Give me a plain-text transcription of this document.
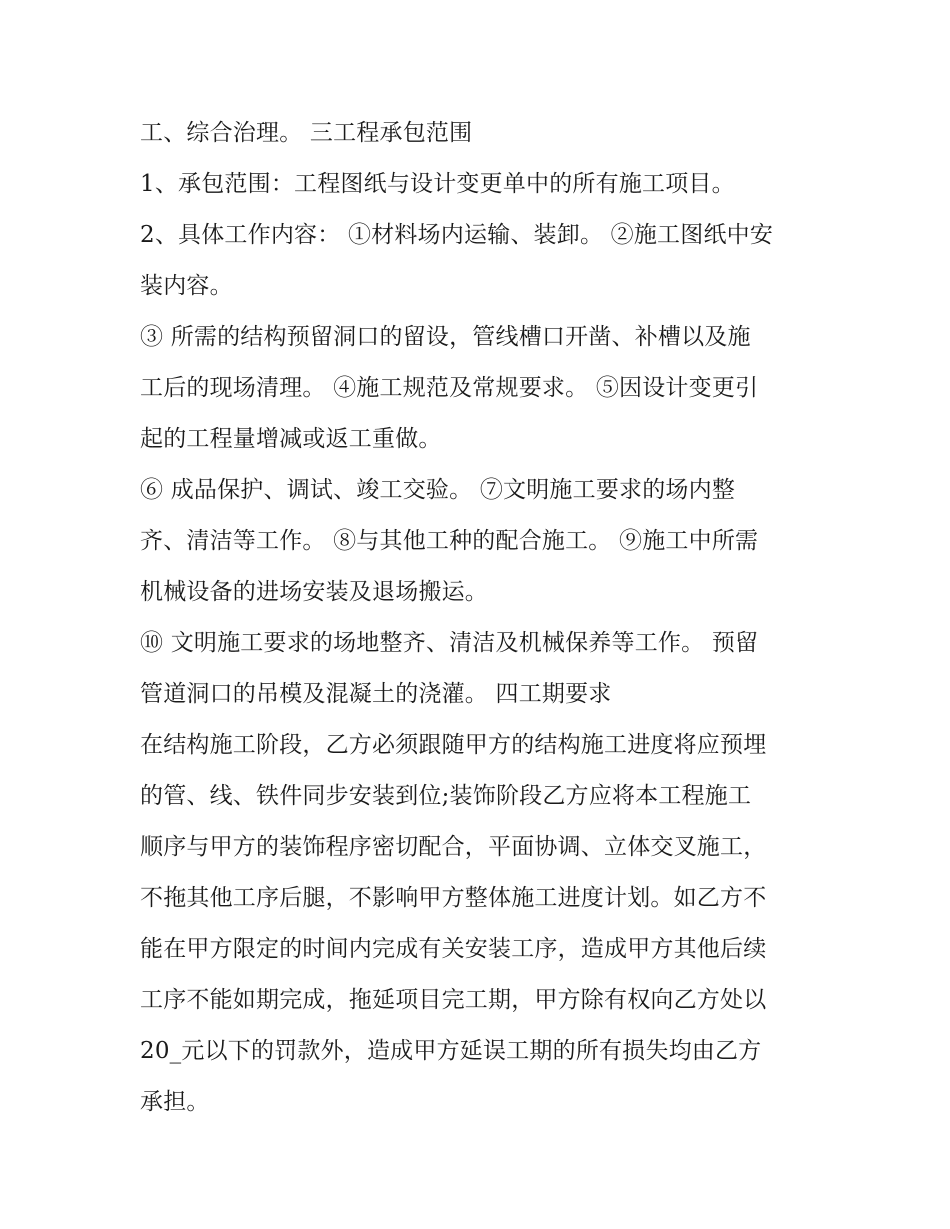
工、综合治理。 三工程承包范围
1、承包范围：工程图纸与设计变更单中的所有施工项目。
2、具体工作内容： ①材料场内运输、装卸。 ②施工图纸中安
装内容。
③ 所需的结构预留洞口的留设，管线槽口开凿、补槽以及施
工后的现场清理。 ④施工规范及常规要求。 ⑤因设计变更引
起的工程量增减或返工重做。
⑥ 成品保护、调试、竣工交验。 ⑦文明施工要求的场内整
齐、清洁等工作。 ⑧与其他工种的配合施工。 ⑨施工中所需
机械设备的进场安装及退场搬运。
⑩ 文明施工要求的场地整齐、清洁及机械保养等工作。 预留
管道洞口的吊模及混凝土的浇灌。 四工期要求
在结构施工阶段，乙方必须跟随甲方的结构施工进度将应预埋
的管、线、铁件同步安装到位;装饰阶段乙方应将本工程施工
顺序与甲方的装饰程序密切配合，平面协调、立体交叉施工，
不拖其他工序后腿，不影响甲方整体施工进度计划。如乙方不
能在甲方限定的时间内完成有关安装工序，造成甲方其他后续
工序不能如期完成，拖延项目完工期，甲方除有权向乙方处以
20_元以下的罚款外，造成甲方延误工期的所有损失均由乙方
承担。
